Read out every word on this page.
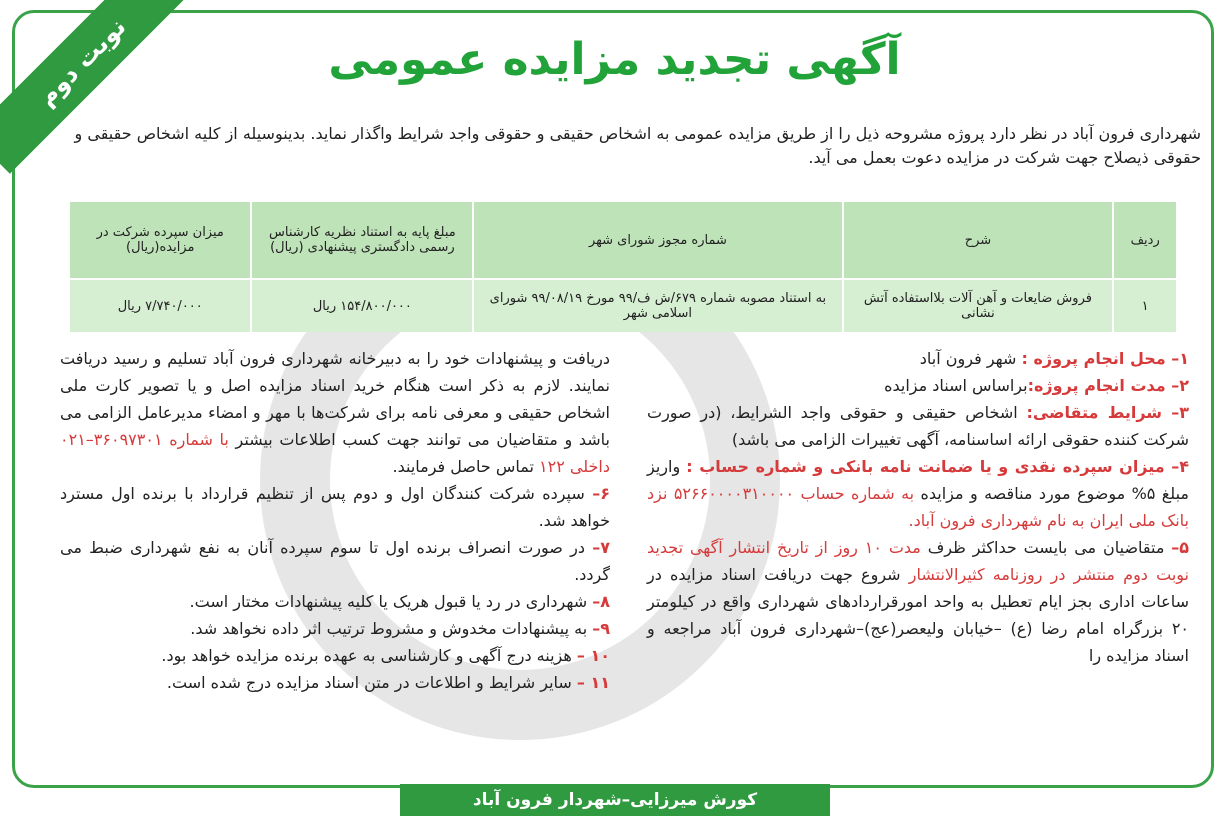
نوبت دوم	آگهی تجدید مزایده عمومی
شهرداری فرون آباد در نظر دارد پروژه مشروحه ذیل را از طریق مزایده عمومی به اشخاص حقیقی و حقوقی واجد شرایط واگذار نماید. بدینوسیله از کلیه اشخاص حقیقی و حقوقی ذیصلاح جهت شرکت در مزایده دعوت بعمل می آید.
ردیف	شرح	شماره مجوز شورای شهر	مبلغ پایه به استناد نظریه کارشناس رسمی دادگستری پیشنهادی (ریال)	میزان سپرده شرکت در مزایده(ریال)
۱	فروش ضایعات و آهن آلات بلااستفاده آتش نشانی	به استناد مصوبه شماره ۶۷۹/ش ف/۹۹ مورخ ۹۹/۰۸/۱۹ شورای اسلامی شهر	۱۵۴/۸۰۰/۰۰۰ ریال	۷/۷۴۰/۰۰۰ ریال

۱– محل انجام پروژه : شهر فرون آباد

۲– مدت انجام پروژه:براساس اسناد مزایده

۳– شرایط متقاضی: اشخاص حقیقی و حقوقی واجد الشرایط، (در صورت شرکت کننده حقوقی ارائه اساسنامه، آگهی تغییرات الزامی می باشد)

۴– میزان سپرده نقدی و یا ضمانت نامه بانکی و شماره حساب : واریز مبلغ ۵% موضوع مورد مناقصه و مزایده به شماره حساب ۵۲۶۶۰۰۰۰۳۱۰۰۰۰ نزد بانک ملی ایران به نام شهرداری فرون آباد.

۵– متقاضیان می بایست حداکثر ظرف مدت ۱۰ روز از تاریخ انتشار آگهی تجدید نوبت دوم منتشر در روزنامه کثیرالانتشار شروع جهت دریافت اسناد مزایده در ساعات اداری بجز ایام تعطیل به واحد امورقراردادهای شهرداری واقع در کیلومتر ۲۰ بزرگراه امام رضا (ع) –خیابان ولیعصر(عج)–شهرداری فرون آباد مراجعه و اسناد مزایده را

دریافت و پیشنهادات خود را به دبیرخانه شهرداری فرون آباد تسلیم و رسید دریافت نمایند. لازم به ذکر است هنگام خرید اسناد مزایده اصل و یا تصویر کارت ملی اشخاص حقیقی و معرفی نامه برای شرکت‌ها با مهر و امضاء مدیرعامل الزامی می باشد و متقاضیان می توانند جهت کسب اطلاعات بیشتر با شماره ۳۶۰۹۷۳۰۱–۰۲۱ داخلی ۱۲۲ تماس حاصل فرمایند.

۶– سپرده شرکت کنندگان اول و دوم پس از تنظیم قرارداد با برنده اول مسترد خواهد شد.

۷– در صورت انصراف برنده اول تا سوم سپرده آنان به نفع شهرداری ضبط می گردد.

۸– شهرداری در رد یا قبول هریک یا کلیه پیشنهادات مختار است.

۹– به پیشنهادات مخدوش و مشروط ترتیب اثر داده نخواهد شد.

۱۰ – هزینه درج آگهی و کارشناسی به عهده برنده مزایده خواهد بود.

۱۱ – سایر شرایط و اطلاعات در متن اسناد مزایده درج شده است.

کورش میرزایی–شهردار فرون آباد
